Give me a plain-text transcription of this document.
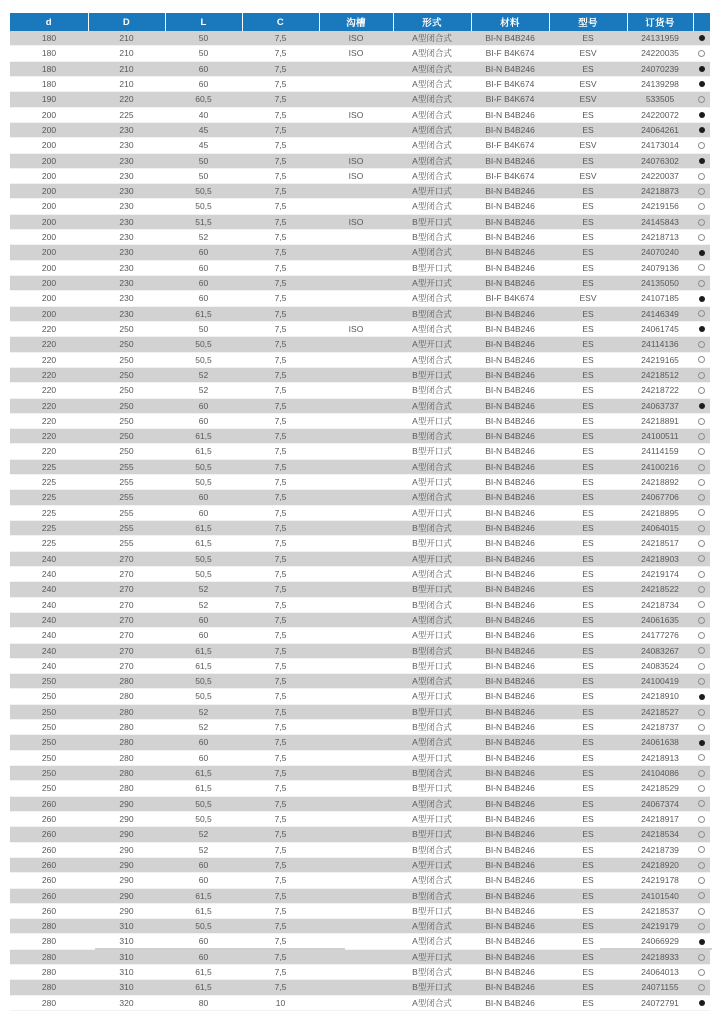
d	D	L	C	沟槽	形式	材料	型号	订货号	
180	210	50	7,5	ISO	A型闭合式	BI-N B4B246	ES	24131959	
180	210	50	7,5	ISO	A型闭合式	BI-F B4K674	ESV	24220035	
180	210	60	7,5		A型闭合式	BI-N B4B246	ES	24070239	
180	210	60	7,5		A型闭合式	BI-F B4K674	ESV	24139298	
190	220	60,5	7,5		A型闭合式	BI-F B4K674	ESV	533505	
200	225	40	7,5	ISO	A型闭合式	BI-N B4B246	ES	24220072	
200	230	45	7,5		A型闭合式	BI-N B4B246	ES	24064261	
200	230	45	7,5		A型闭合式	BI-F B4K674	ESV	24173014	
200	230	50	7,5	ISO	A型闭合式	BI-N B4B246	ES	24076302	
200	230	50	7,5	ISO	A型闭合式	BI-F B4K674	ESV	24220037	
200	230	50,5	7,5		A型开口式	BI-N B4B246	ES	24218873	
200	230	50,5	7,5		A型闭合式	BI-N B4B246	ES	24219156	
200	230	51,5	7,5	ISO	B型开口式	BI-N B4B246	ES	24145843	
200	230	52	7,5		B型闭合式	BI-N B4B246	ES	24218713	
200	230	60	7,5		A型闭合式	BI-N B4B246	ES	24070240	
200	230	60	7,5		B型开口式	BI-N B4B246	ES	24079136	
200	230	60	7,5		A型开口式	BI-N B4B246	ES	24135050	
200	230	60	7,5		A型闭合式	BI-F B4K674	ESV	24107185	
200	230	61,5	7,5		B型闭合式	BI-N B4B246	ES	24146349	
220	250	50	7,5	ISO	A型闭合式	BI-N B4B246	ES	24061745	
220	250	50,5	7,5		A型开口式	BI-N B4B246	ES	24114136	
220	250	50,5	7,5		A型闭合式	BI-N B4B246	ES	24219165	
220	250	52	7,5		B型开口式	BI-N B4B246	ES	24218512	
220	250	52	7,5		B型闭合式	BI-N B4B246	ES	24218722	
220	250	60	7,5		A型闭合式	BI-N B4B246	ES	24063737	
220	250	60	7,5		A型开口式	BI-N B4B246	ES	24218891	
220	250	61,5	7,5		B型闭合式	BI-N B4B246	ES	24100511	
220	250	61,5	7,5		B型开口式	BI-N B4B246	ES	24114159	
225	255	50,5	7,5		A型闭合式	BI-N B4B246	ES	24100216	
225	255	50,5	7,5		A型开口式	BI-N B4B246	ES	24218892	
225	255	60	7,5		A型闭合式	BI-N B4B246	ES	24067706	
225	255	60	7,5		A型开口式	BI-N B4B246	ES	24218895	
225	255	61,5	7,5		B型闭合式	BI-N B4B246	ES	24064015	
225	255	61,5	7,5		B型开口式	BI-N B4B246	ES	24218517	
240	270	50,5	7,5		A型开口式	BI-N B4B246	ES	24218903	
240	270	50,5	7,5		A型闭合式	BI-N B4B246	ES	24219174	
240	270	52	7,5		B型开口式	BI-N B4B246	ES	24218522	
240	270	52	7,5		B型闭合式	BI-N B4B246	ES	24218734	
240	270	60	7,5		A型闭合式	BI-N B4B246	ES	24061635	
240	270	60	7,5		A型开口式	BI-N B4B246	ES	24177276	
240	270	61,5	7,5		B型闭合式	BI-N B4B246	ES	24083267	
240	270	61,5	7,5		B型开口式	BI-N B4B246	ES	24083524	
250	280	50,5	7,5		A型闭合式	BI-N B4B246	ES	24100419	
250	280	50,5	7,5		A型开口式	BI-N B4B246	ES	24218910	
250	280	52	7,5		B型开口式	BI-N B4B246	ES	24218527	
250	280	52	7,5		B型闭合式	BI-N B4B246	ES	24218737	
250	280	60	7,5		A型闭合式	BI-N B4B246	ES	24061638	
250	280	60	7,5		A型开口式	BI-N B4B246	ES	24218913	
250	280	61,5	7,5		B型闭合式	BI-N B4B246	ES	24104086	
250	280	61,5	7,5		B型开口式	BI-N B4B246	ES	24218529	
260	290	50,5	7,5		A型闭合式	BI-N B4B246	ES	24067374	
260	290	50,5	7,5		A型开口式	BI-N B4B246	ES	24218917	
260	290	52	7,5		B型开口式	BI-N B4B246	ES	24218534	
260	290	52	7,5		B型闭合式	BI-N B4B246	ES	24218739	
260	290	60	7,5		A型开口式	BI-N B4B246	ES	24218920	
260	290	60	7,5		A型闭合式	BI-N B4B246	ES	24219178	
260	290	61,5	7,5		B型闭合式	BI-N B4B246	ES	24101540	
260	290	61,5	7,5		B型开口式	BI-N B4B246	ES	24218537	
280	310	50,5	7,5		A型闭合式	BI-N B4B246	ES	24219179	
280	310	60	7,5		A型闭合式	BI-N B4B246	ES	24066929	
280	310	60	7,5		A型开口式	BI-N B4B246	ES	24218933	
280	310	61,5	7,5		B型闭合式	BI-N B4B246	ES	24064013	
280	310	61,5	7,5		B型开口式	BI-N B4B246	ES	24071155	
280	320	80	10		A型闭合式	BI-N B4B246	ES	24072791	
